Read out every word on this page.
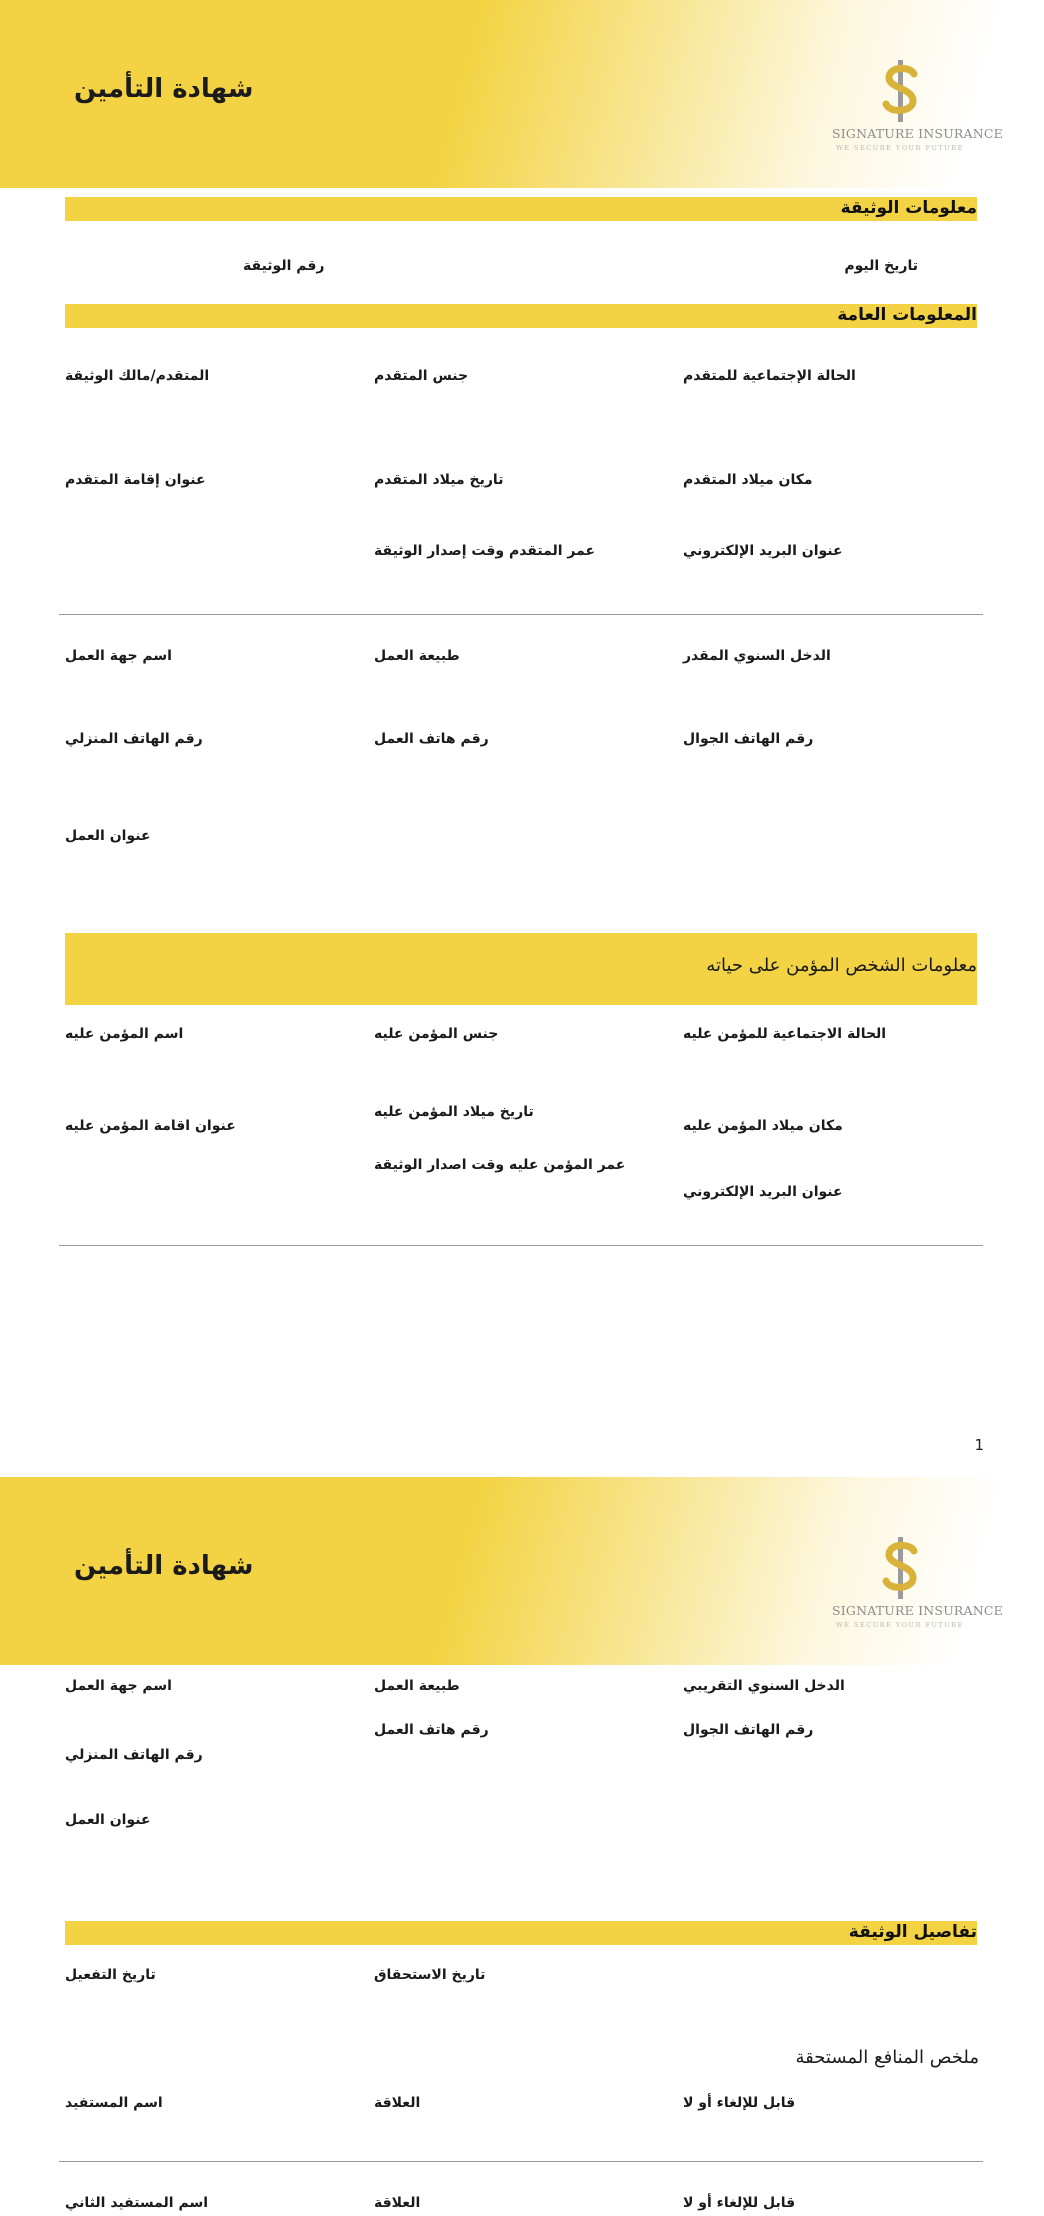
شهادة التأمين
SIGNATURE INSURANCE
WE SECURE YOUR FUTURE
معلومات الوثيقة
تاريخ اليوم
رقم الوثيقة
المعلومات العامة
الحالة الإجتماعية للمتقدم
جنس المتقدم
المتقدم/مالك الوثيقة
مكان ميلاد المتقدم
تاريخ ميلاد المتقدم
عنوان إقامة المتقدم
عنوان البريد الإلكتروني
عمر المتقدم وقت إصدار الوثيقة
الدخل السنوي المقدر
طبيعة العمل
اسم جهة العمل
رقم الهاتف الجوال
رقم هاتف العمل
رقم الهاتف المنزلي
عنوان العمل
معلومات الشخص المؤمن على حياته
الحالة الاجتماعية للمؤمن عليه
جنس المؤمن عليه
اسم المؤمن عليه
تاريخ ميلاد المؤمن عليه
مكان ميلاد المؤمن عليه
عنوان اقامة المؤمن عليه
عمر المؤمن عليه وقت اصدار الوثيقة
عنوان البريد الإلكتروني
1
شهادة التأمين
SIGNATURE INSURANCE
WE SECURE YOUR FUTURE
الدخل السنوي التقريبي
طبيعة العمل
اسم جهة العمل
رقم الهاتف الجوال
رقم هاتف العمل
رقم الهاتف المنزلي
عنوان العمل
تفاصيل الوثيقة
تاريخ الاستحقاق
تاريخ التفعيل
ملخص المنافع المستحقة
قابل للإلغاء أو لا
العلاقة
اسم المستفيد
قابل للإلغاء أو لا
العلاقة
اسم المستفيد الثاني
